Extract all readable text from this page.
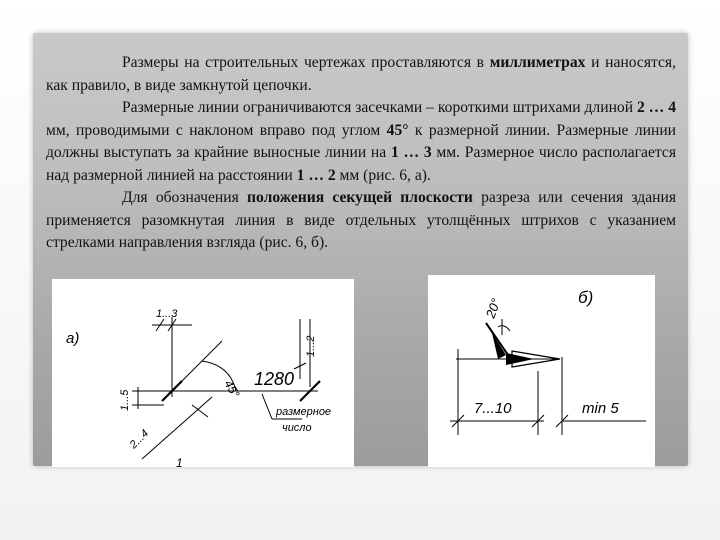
Размеры на строительных чертежах проставляются в миллиметрах и наносятся, как правило, в виде замкнутой цепочки.

Размерные линии ограничиваются засечками – короткими штрихами длиной 2 … 4 мм, проводимыми с наклоном вправо под углом 45° к размерной линии. Размерные линии должны выступать за крайние выносные линии на 1 … 3 мм. Размерное число располагается над размерной линией на расстоянии 1 … 2 мм (рис. 6, а).

Для обозначения положения секущей плоскости разреза или сечения здания применяется разомкнутая линия в виде отдельных утолщённых штрихов с указанием стрелками направления взгляда (рис. 6, б).

а)
1...3
1...2
1...5
2...4
45° 1280
размерное
число
1
б)
20°
7...10	min 5
